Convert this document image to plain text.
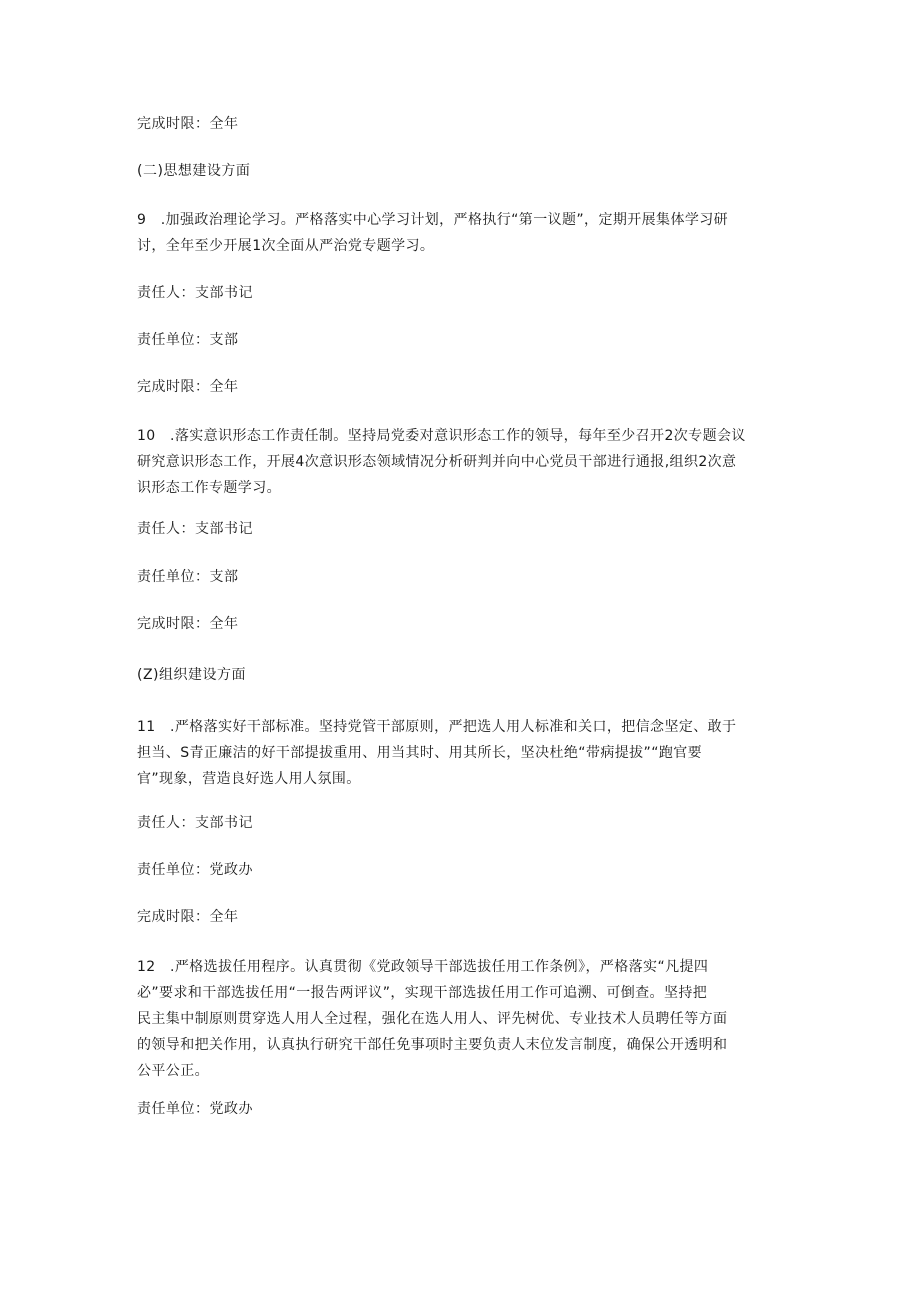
完成时限：全年
(二)思想建设方面
9　.加强政治理论学习。严格落实中心学习计划，严格执行“第一议题”，定期开展集体学习研
讨，全年至少开展1次全面从严治党专题学习。
责任人：支部书记
责任单位：支部
完成时限：全年
10　.落实意识形态工作责任制。坚持局党委对意识形态工作的领导，每年至少召开2次专题会议
研究意识形态工作，开展4次意识形态领域情况分析研判并向中心党员干部进行通报,组织2次意
识形态工作专题学习。
责任人：支部书记
责任单位：支部
完成时限：全年
(Z)组织建设方面
11　.严格落实好干部标准。坚持党管干部原则，严把选人用人标准和关口，把信念坚定、敢于
担当、S青正廉洁的好干部提拔重用、用当其时、用其所长，坚决杜绝“带病提拔”“跑官要
官”现象，营造良好选人用人氛围。
责任人：支部书记
责任单位：党政办
完成时限：全年
12　.严格选拔任用程序。认真贯彻《党政领导干部选拔任用工作条例》，严格落实“凡提四
必”要求和干部选拔任用“一报告两评议”，实现干部选拔任用工作可追溯、可倒查。坚持把
民主集中制原则贯穿选人用人全过程，强化在选人用人、评先树优、专业技术人员聘任等方面
的领导和把关作用，认真执行研究干部任免事项时主要负责人末位发言制度，确保公开透明和
公平公正。
责任单位：党政办
